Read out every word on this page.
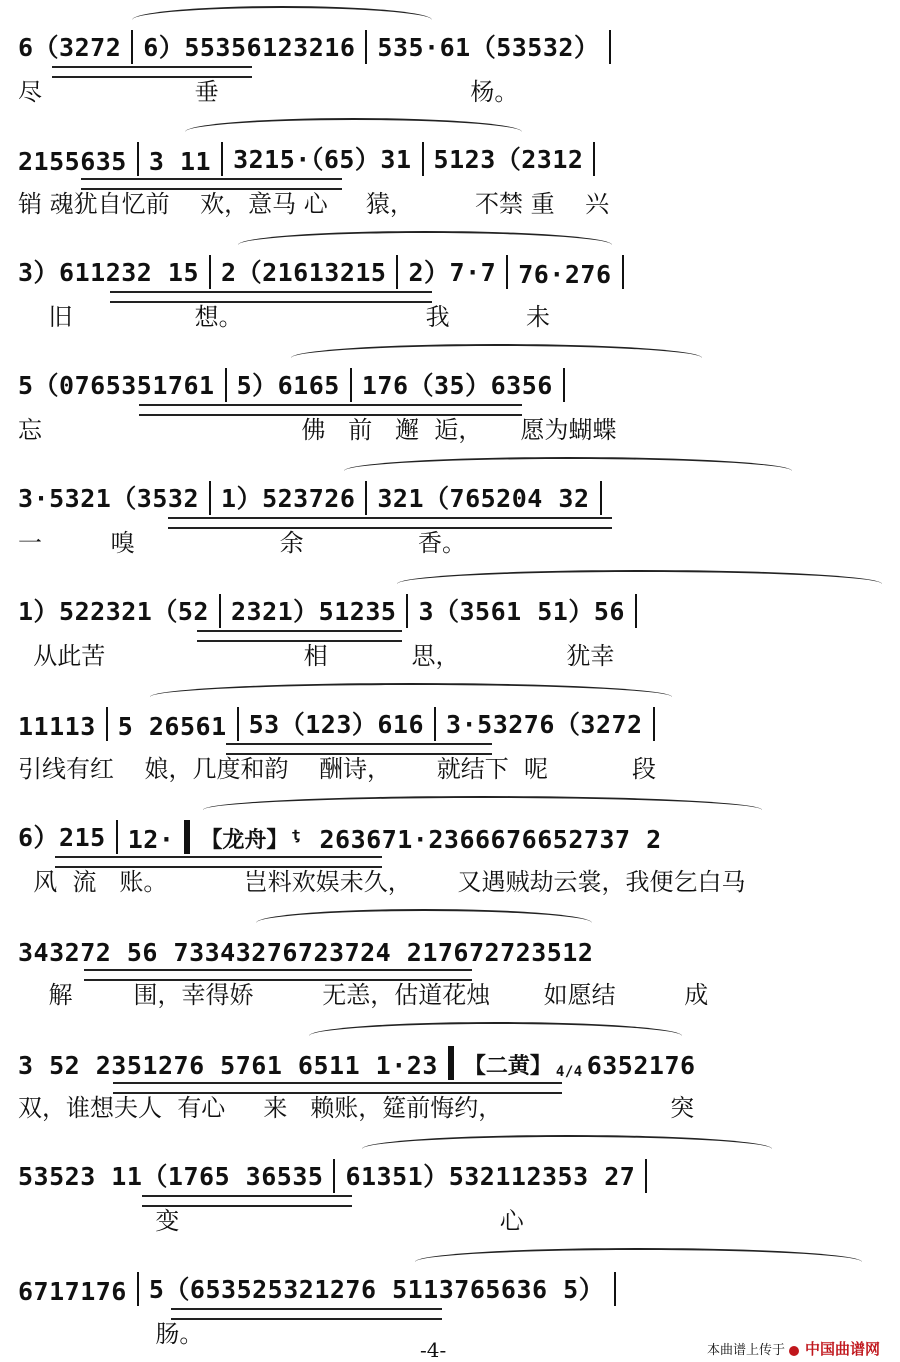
6（3272 6）55356123216 535·61（53532）
尽                    垂                                 杨。
2155635 3 11 3215·（65）31 5123（2312
销 魂犹自忆前    欢，意马 心     猿，        不禁 重    兴
3）611232 15 2（21613215 2）7·7 76·276
旧                想。                        我          未
5（0765351761 5）6165 176（35）6356
忘                                  佛   前   邂  逅，     愿为蝴蝶
3·5321（3532 1）523726 321（765204 32
一         嗅                   余               香。
1）522321（52 2321）51235 3（3561 51）56
从此苦                          相           思，              犹幸
11113 5 26561 53（123）616 3·53276（3272
引线有红    娘，几度和韵    酬诗，      就结下  呢           段
6）215 12· 【龙舟】 ᶵ 263671·2366676652737 2
风  流   账。          岂料欢娱未久，      又遇贼劫云裳，我便乞白马
343272 56 73343276723724 217672723512
解        围，幸得娇         无恙，估道花烛       如愿结         成
3 52 2351276 5761 6511 1·23 【二黄】 4/4 6352176
双，谁想夫人  有心     来   赖账，筵前悔约，                      突
53523 11（1765 36535 61351）532112353 27
变                                          心
6717176 5（653525321276 5113765636 5）
肠。
-4-	本曲谱上传于 中国曲谱网
